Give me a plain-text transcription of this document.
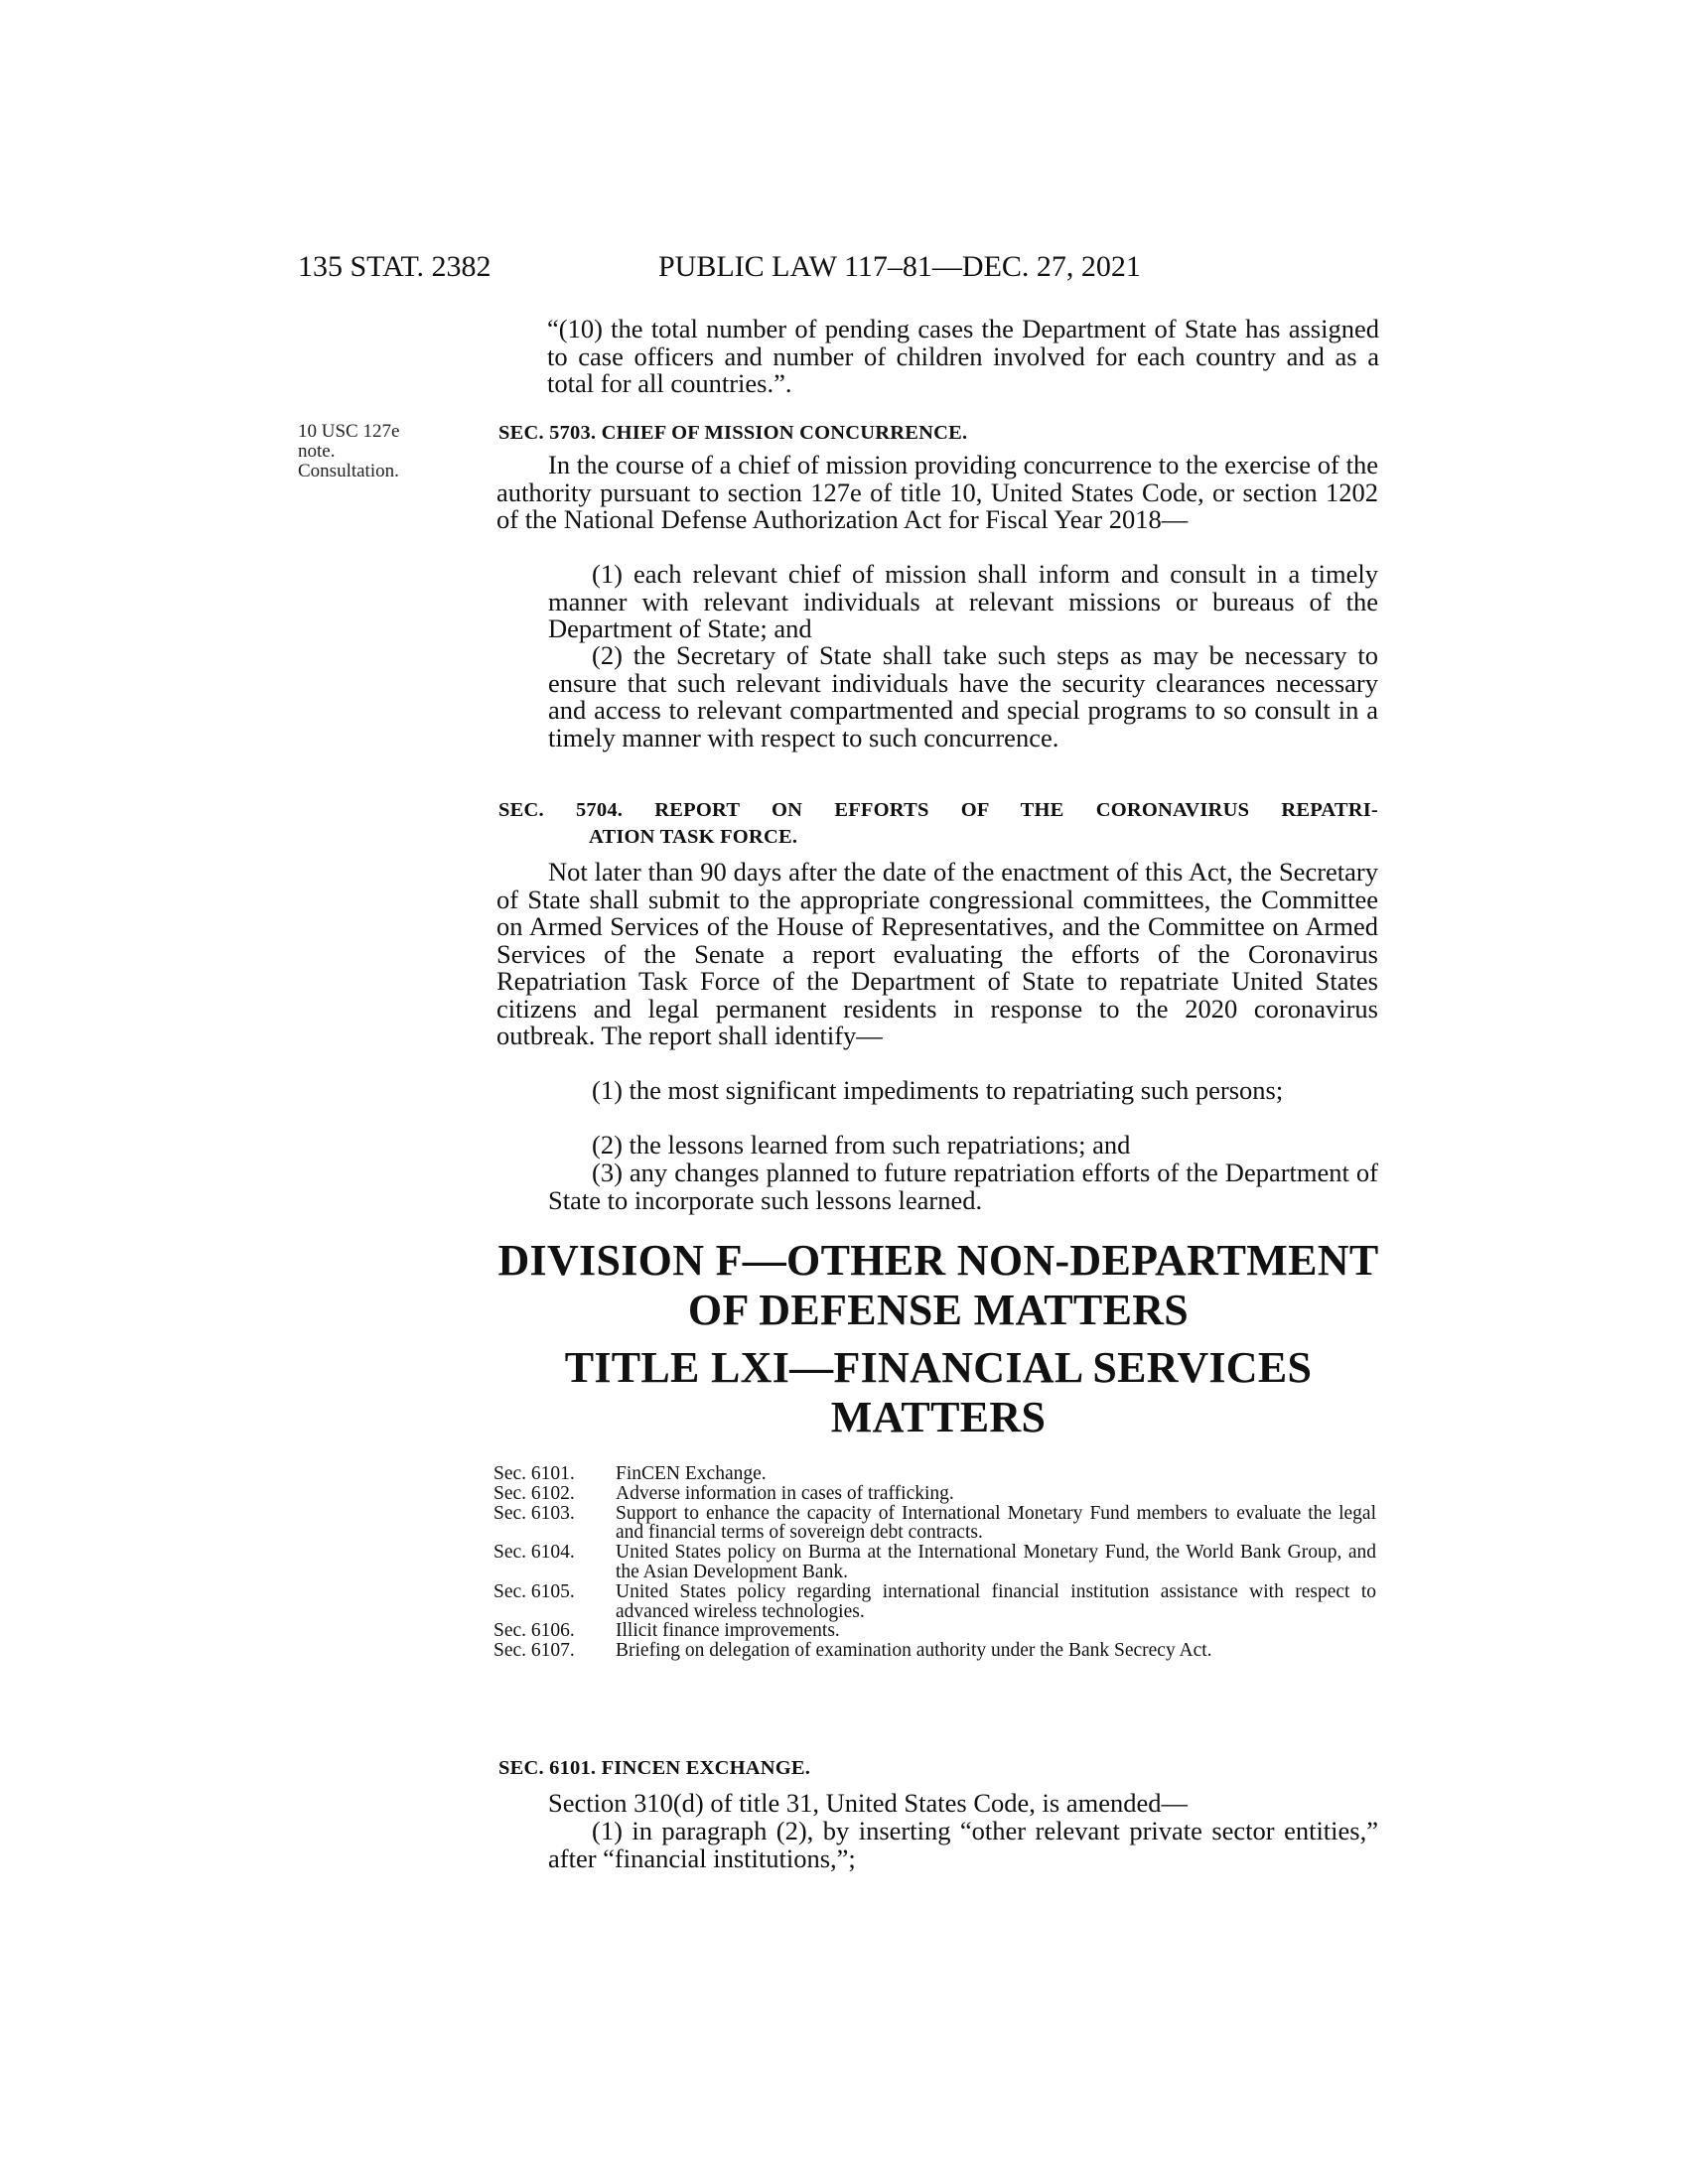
135 STAT. 2382	PUBLIC LAW 117–81—DEC. 27, 2021

“(10) the total number of pending cases the Department of State has assigned to case officers and number of children involved for each country and as a total for all countries.”.

10 USC 127e
note.
Consultation.
SEC. 5703. CHIEF OF MISSION CONCURRENCE.

In the course of a chief of mission providing concurrence to the exercise of the authority pursuant to section 127e of title 10, United States Code, or section 1202 of the National Defense Authorization Act for Fiscal Year 2018—

(1) each relevant chief of mission shall inform and consult in a timely manner with relevant individuals at relevant missions or bureaus of the Department of State; and

(2) the Secretary of State shall take such steps as may be necessary to ensure that such relevant individuals have the security clearances necessary and access to relevant compartmented and special programs to so consult in a timely manner with respect to such concurrence.

SEC. 5704. REPORT ON EFFORTS OF THE CORONAVIRUS REPATRI-
ATION TASK FORCE.

Not later than 90 days after the date of the enactment of this Act, the Secretary of State shall submit to the appropriate congressional committees, the Committee on Armed Services of the House of Representatives, and the Committee on Armed Services of the Senate a report evaluating the efforts of the Coronavirus Repatriation Task Force of the Department of State to repatriate United States citizens and legal permanent residents in response to the 2020 coronavirus outbreak. The report shall identify—

(1) the most significant impediments to repatriating such persons;

(2) the lessons learned from such repatriations; and

(3) any changes planned to future repatriation efforts of the Department of State to incorporate such lessons learned.

DIVISION F—OTHER NON-DEPARTMENT
OF DEFENSE MATTERS
TITLE LXI—FINANCIAL SERVICES
MATTERS
Sec. 6101.	FinCEN Exchange.
Sec. 6102.	Adverse information in cases of trafficking.
Sec. 6103.	Support to enhance the capacity of International Monetary Fund members to evaluate the legal and financial terms of sovereign debt contracts.
Sec. 6104.	United States policy on Burma at the International Monetary Fund, the World Bank Group, and the Asian Development Bank.
Sec. 6105.	United States policy regarding international financial institution assistance with respect to advanced wireless technologies.
Sec. 6106.	Illicit finance improvements.
Sec. 6107.	Briefing on delegation of examination authority under the Bank Secrecy Act.
SEC. 6101. FINCEN EXCHANGE.

Section 310(d) of title 31, United States Code, is amended—

(1) in paragraph (2), by inserting “other relevant private sector entities,” after “financial institutions,”;
